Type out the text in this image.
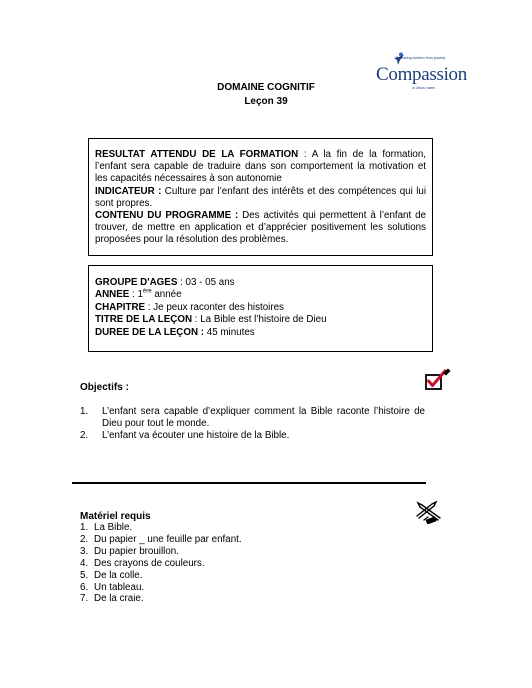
Releasing children from poverty
Compassion
in Jesus' name
DOMAINE COGNITIF
Leçon 39

RESULTAT ATTENDU DE LA FORMATION : A la fin de la formation, l’enfant sera capable de traduire dans son comportement la motivation et les capacités nécessaires à son autonomie

INDICATEUR : Culture par l’enfant des intérêts et des compétences qui lui sont propres.

CONTENU DU PROGRAMME : Des activités qui permettent à l’enfant de trouver, de mettre en application et d’apprécier positivement les solutions proposées pour la résolution des problèmes.

GROUPE D'AGES : 03 - 05 ans

ANNEE : 1ère année

CHAPITRE : Je peux raconter des histoires

TITRE DE LA LEÇON : La Bible est l’histoire de Dieu

DUREE DE LA LEÇON : 45 minutes

Objectifs :
1. L’enfant sera capable d’expliquer comment la Bible raconte l’histoire de Dieu pour tout le monde.
2. L’enfant va écouter une histoire de la Bible.
Matériel requis
1. La Bible.
2. Du papier _ une feuille par enfant.
3. Du papier brouillon.
4. Des crayons de couleurs.
5. De la colle.
6. Un tableau.
7. De la craie.
